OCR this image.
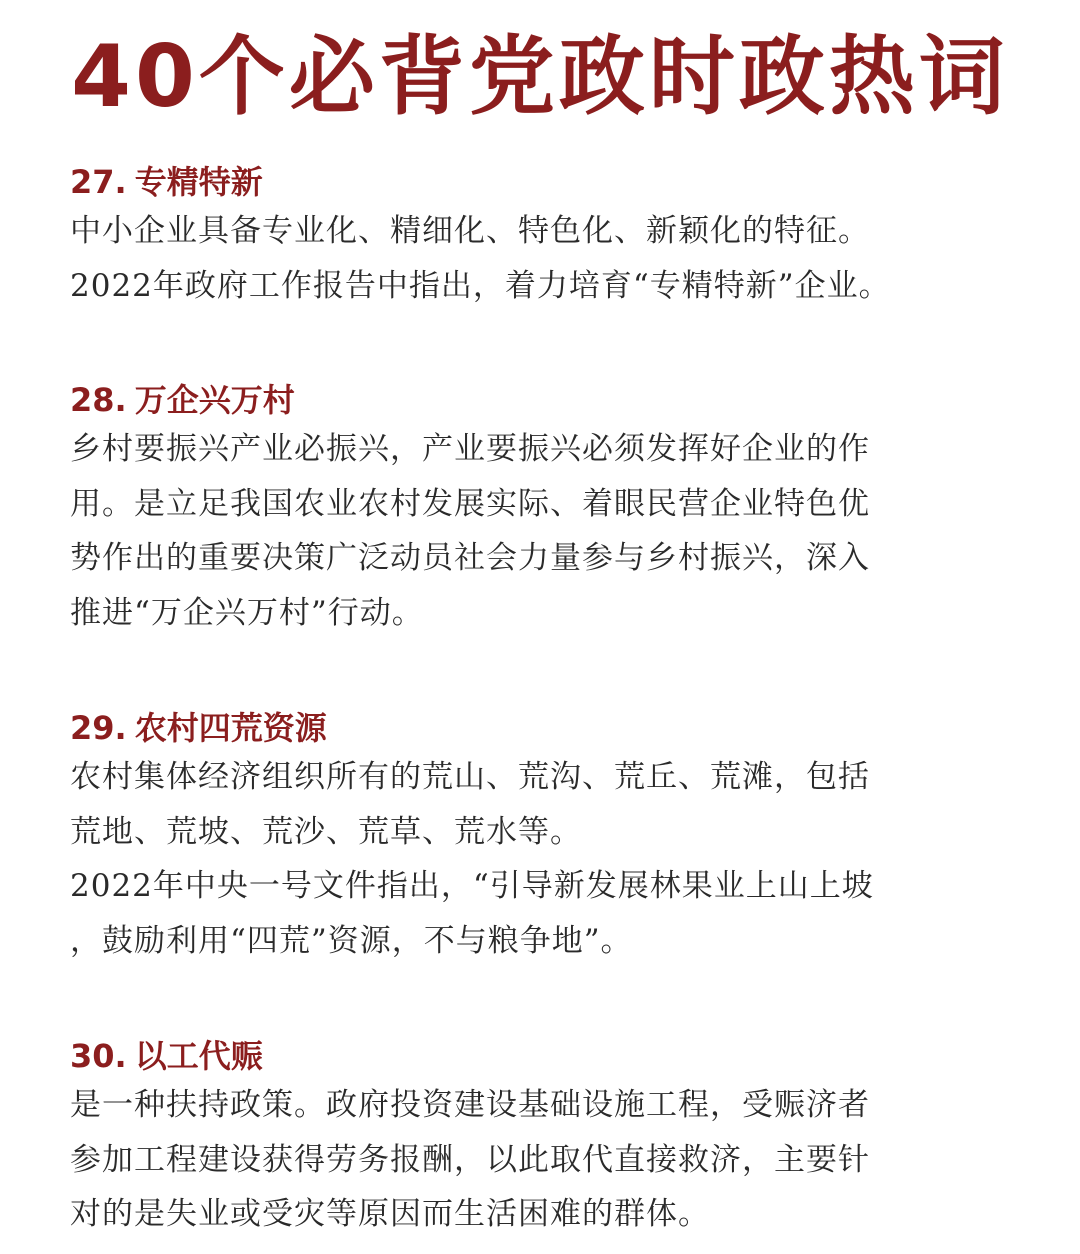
40个必背党政时政热词
27. 专精特新
中小企业具备专业化、精细化、特色化、新颖化的特征。
2022年政府工作报告中指出，着力培育“专精特新”企业。
28. 万企兴万村
乡村要振兴产业必振兴，产业要振兴必须发挥好企业的作
用。是立足我国农业农村发展实际、着眼民营企业特色优
势作出的重要决策广泛动员社会力量参与乡村振兴，深入
推进“万企兴万村”行动。
29. 农村四荒资源
农村集体经济组织所有的荒山、荒沟、荒丘、荒滩，包括
荒地、荒坡、荒沙、荒草、荒水等。
2022年中央一号文件指出，“引导新发展林果业上山上坡
，鼓励利用“四荒”资源，不与粮争地”。
30. 以工代赈
是一种扶持政策。政府投资建设基础设施工程，受赈济者
参加工程建设获得劳务报酬，以此取代直接救济，主要针
对的是失业或受灾等原因而生活困难的群体。
